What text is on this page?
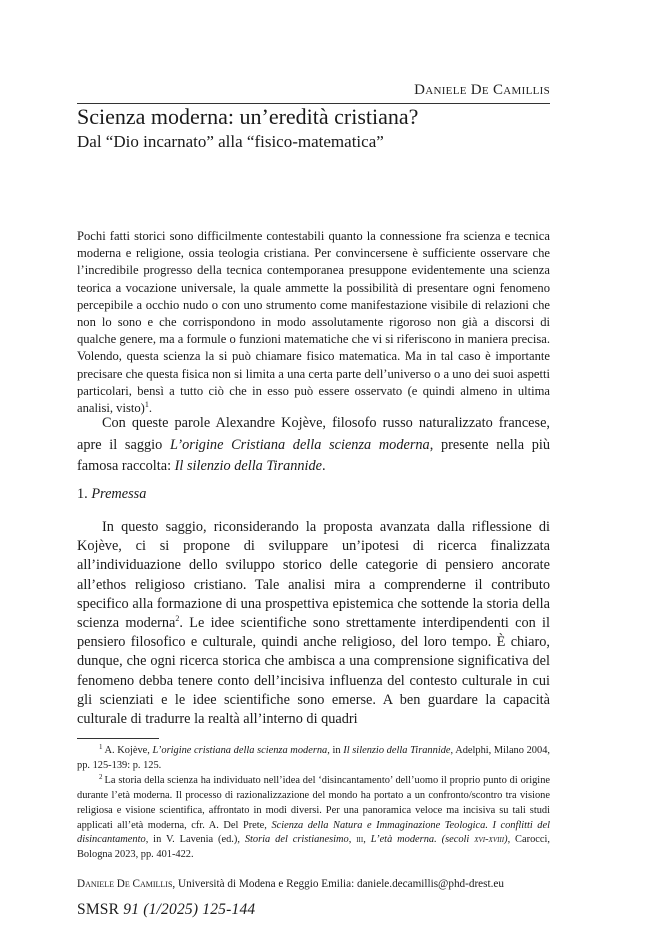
Daniele De Camillis
Scienza moderna: un’eredità cristiana?
Dal “Dio incarnato” alla “fisico-matematica”

Pochi fatti storici sono difficilmente contestabili quanto la connessione fra scienza e tecnica moderna e religione, ossia teologia cristiana. Per convincersene è sufficiente osservare che l’incredibile progresso della tecnica contemporanea presuppone evidentemente una scienza teorica a vocazione universale, la quale ammette la possibilità di presentare ogni fenomeno percepibile a occhio nudo o con uno strumento come manifestazione visibile di relazioni che non lo sono e che corrispondono in modo assolutamente rigoroso non già a discorsi di qualche genere, ma a formule o funzioni matematiche che vi si riferiscono in maniera precisa. Volendo, questa scienza la si può chiamare fisico matematica. Ma in tal caso è importante precisare che questa fisica non si limita a una certa parte dell’universo o a uno dei suoi aspetti particolari, bensì a tutto ciò che in esso può essere osservato (e quindi almeno in ultima analisi, visto)$^1$.

Con queste parole Alexandre Kojève, filosofo russo naturalizzato francese, apre il saggio L’origine Cristiana della scienza moderna, presente nella più famosa raccolta: Il silenzio della Tirannide.

1. Premessa

In questo saggio, riconsiderando la proposta avanzata dalla riflessione di Kojève, ci si propone di sviluppare un’ipotesi di ricerca finalizzata all’individuazione dello sviluppo storico delle categorie di pensiero ancorate all’ethos religioso cristiano. Tale analisi mira a comprenderne il contributo specifico alla formazione di una prospettiva epistemica che sottende la storia della scienza moderna$^2$. Le idee scientifiche sono strettamente interdipendenti con il pensiero filosofico e culturale, quindi anche religioso, del loro tempo. È chiaro, dunque, che ogni ricerca storica che ambisca a una comprensione significativa del fenomeno debba tenere conto dell’incisiva influenza del contesto culturale in cui gli scienziati e le idee scientifiche sono emerse. A ben guardare la capacità culturale di tradurre la realtà all’interno di quadri

$^1$ A. Kojève, L’origine cristiana della scienza moderna, in Il silenzio della Tirannide, Adelphi, Milano 2004, pp. 125-139: p. 125.

$^2$ La storia della scienza ha individuato nell’idea del ‘disincantamento’ dell’uomo il proprio punto di origine durante l’età moderna. Il processo di razionalizzazione del mondo ha portato a un confronto/scontro tra visione religiosa e visione scientifica, affrontato in modi diversi. Per una panoramica veloce ma incisiva su tali studi applicati all’età moderna, cfr. A. Del Prete, Scienza della Natura e Immaginazione Teologica. I conflitti del disincantamento, in V. Lavenia (ed.), Storia del cristianesimo, iii, L’età moderna. (secoli xvi-xviii), Carocci, Bologna 2023, pp. 401-422.

Daniele De Camillis, Università di Modena e Reggio Emilia: daniele.decamillis@phd-drest.eu
SMSR 91 (1/2025) 125-144
